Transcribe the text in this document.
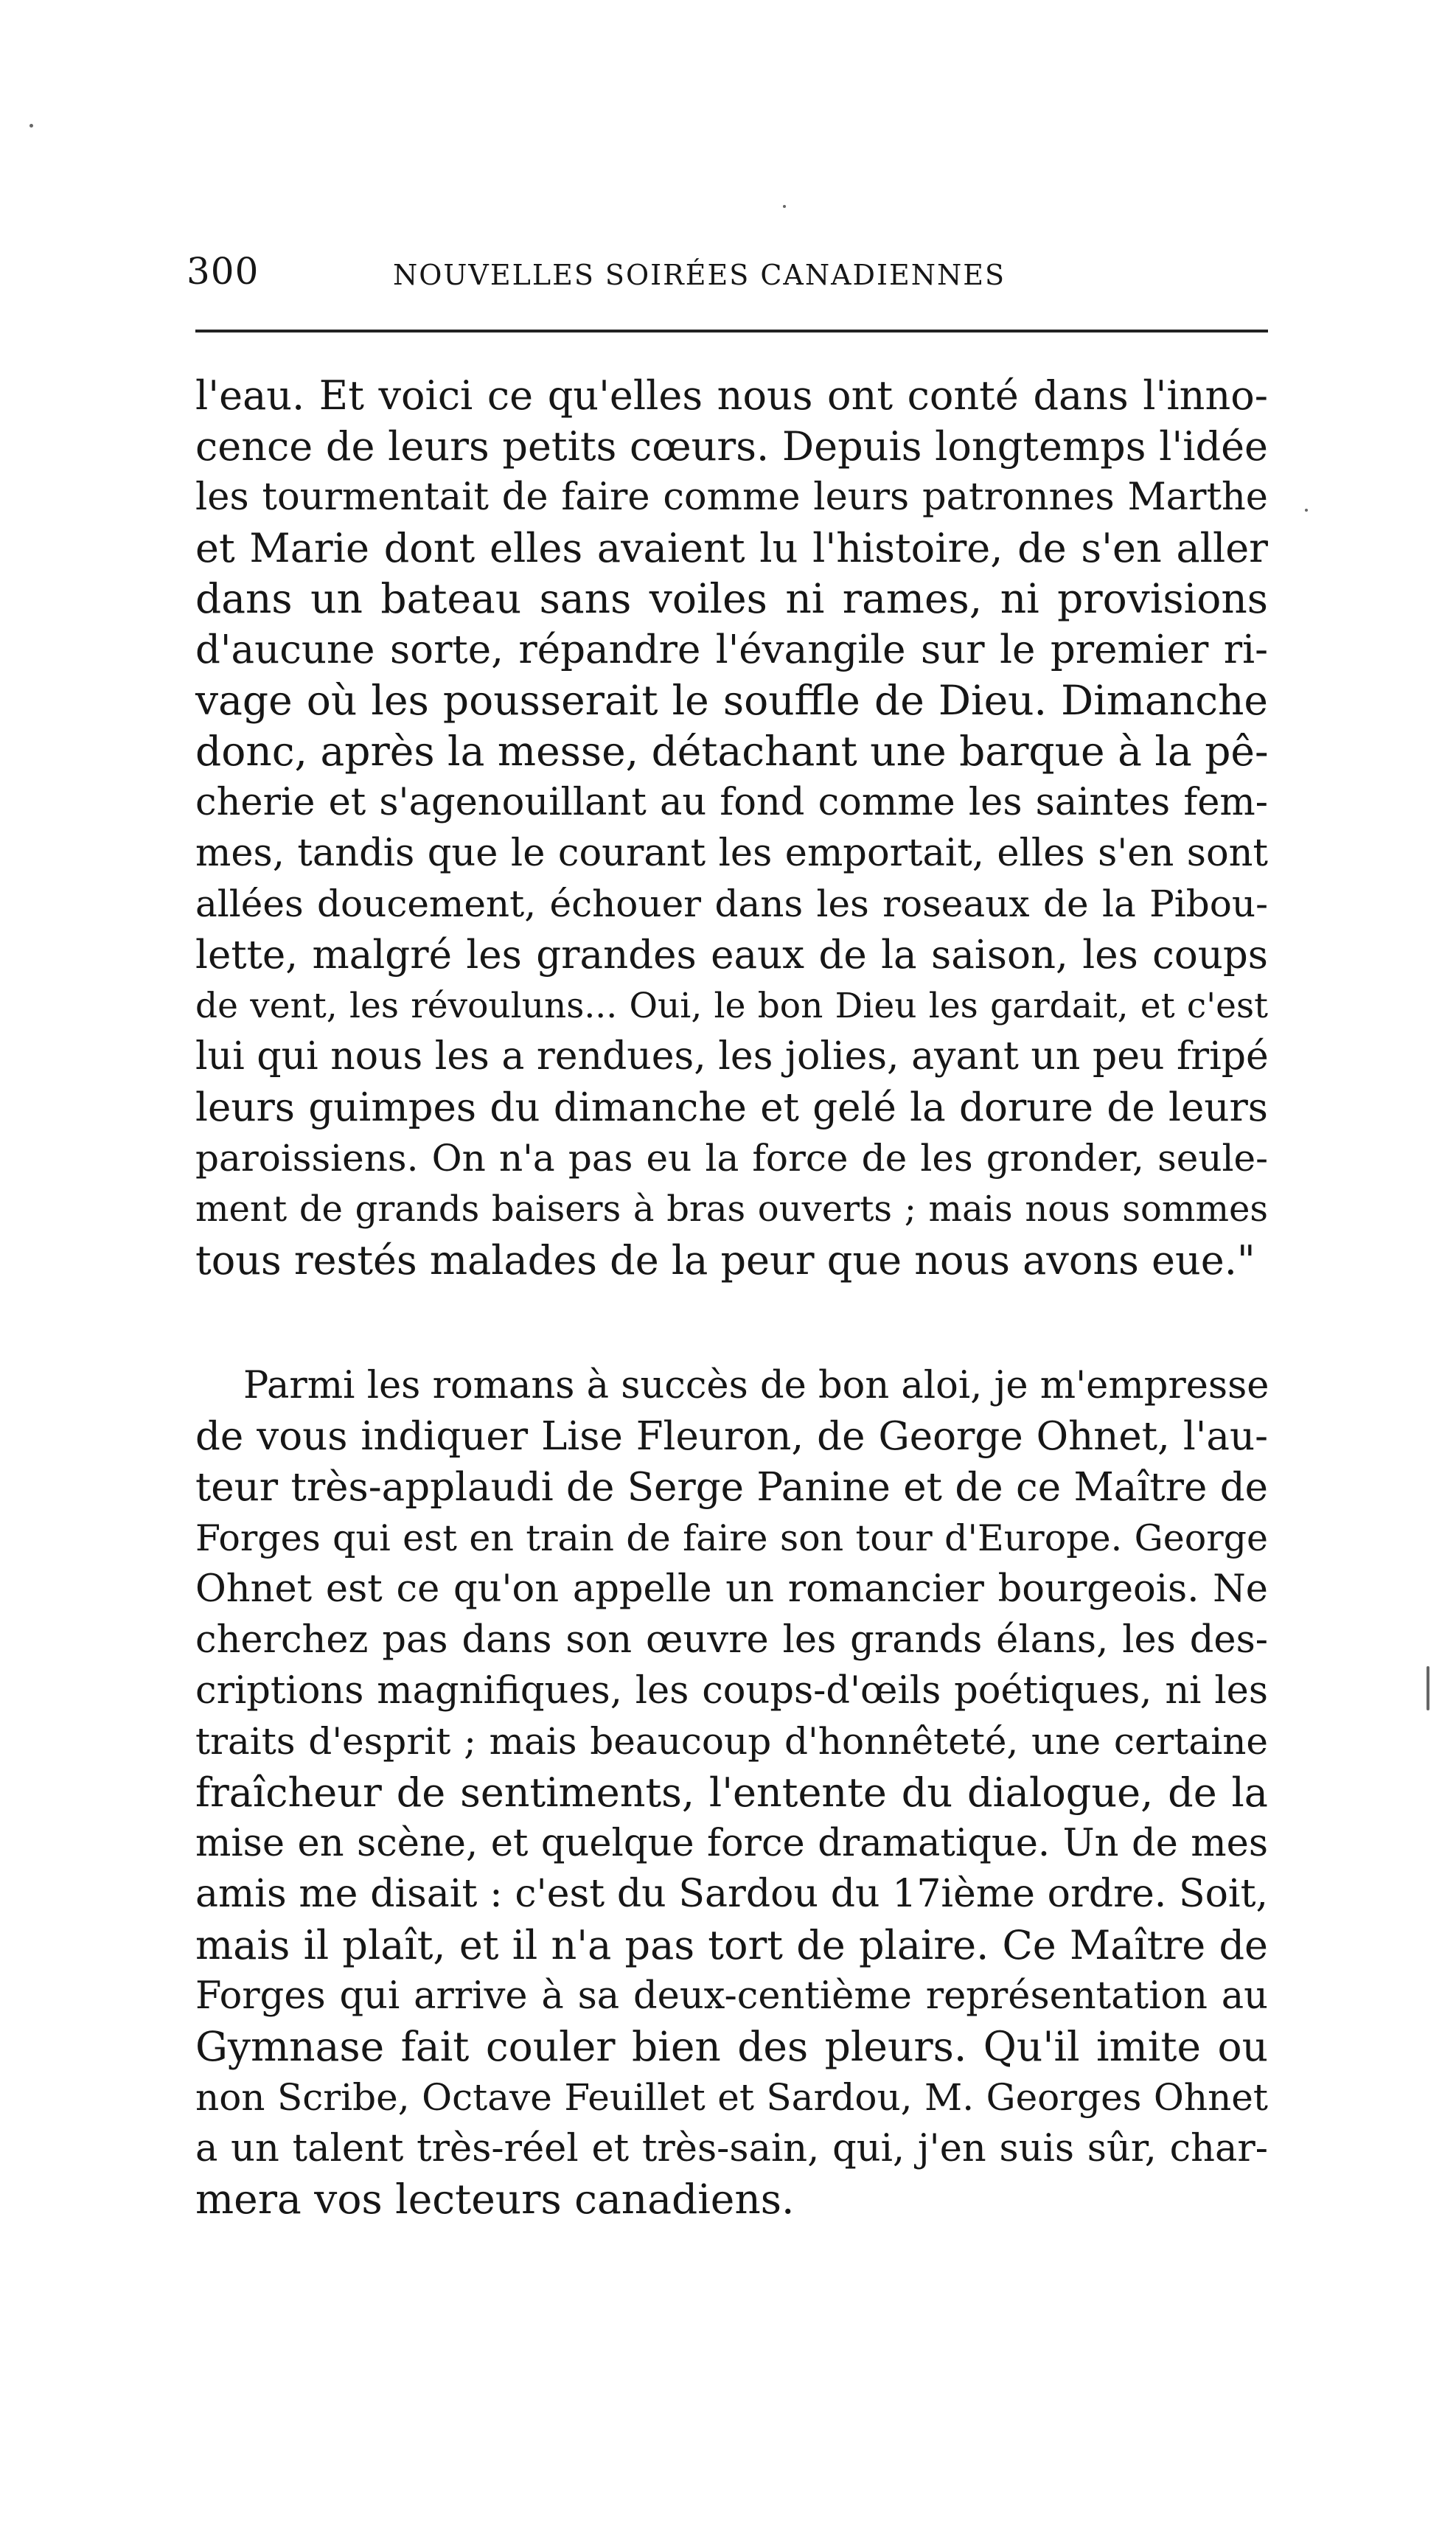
300	NOUVELLES SOIRÉES CANADIENNES

l'eau. Et voici ce qu'elles nous ont conté dans l'inno-
cence de leurs petits cœurs. Depuis longtemps l'idée
les tourmentait de faire comme leurs patronnes Marthe
et Marie dont elles avaient lu l'histoire, de s'en aller
dans un bateau sans voiles ni rames, ni provisions
d'aucune sorte, répandre l'évangile sur le premier ri-
vage où les pousserait le souffle de Dieu. Dimanche
donc, après la messe, détachant une barque à la pê-
cherie et s'agenouillant au fond comme les saintes fem-
mes, tandis que le courant les emportait, elles s'en sont
allées doucement, échouer dans les roseaux de la Pibou-
lette, malgré les grandes eaux de la saison, les coups
de vent, les révouluns... Oui, le bon Dieu les gardait, et c'est
lui qui nous les a rendues, les jolies, ayant un peu fripé
leurs guimpes du dimanche et gelé la dorure de leurs
paroissiens. On n'a pas eu la force de les gronder, seule-
ment de grands baisers à bras ouverts ; mais nous sommes
tous restés malades de la peur que nous avons eue."

Parmi les romans à succès de bon aloi, je m'empresse
de vous indiquer Lise Fleuron, de George Ohnet, l'au-
teur très-applaudi de Serge Panine et de ce Maître de
Forges qui est en train de faire son tour d'Europe. George
Ohnet est ce qu'on appelle un romancier bourgeois. Ne
cherchez pas dans son œuvre les grands élans, les des-
criptions magnifiques, les coups-d'œils poétiques, ni les
traits d'esprit ; mais beaucoup d'honnêteté, une certaine
fraîcheur de sentiments, l'entente du dialogue, de la
mise en scène, et quelque force dramatique. Un de mes
amis me disait : c'est du Sardou du 17ième ordre. Soit,
mais il plaît, et il n'a pas tort de plaire. Ce Maître de
Forges qui arrive à sa deux-centième représentation au
Gymnase fait couler bien des pleurs. Qu'il imite ou
non Scribe, Octave Feuillet et Sardou, M. Georges Ohnet
a un talent très-réel et très-sain, qui, j'en suis sûr, char-
mera vos lecteurs canadiens.
